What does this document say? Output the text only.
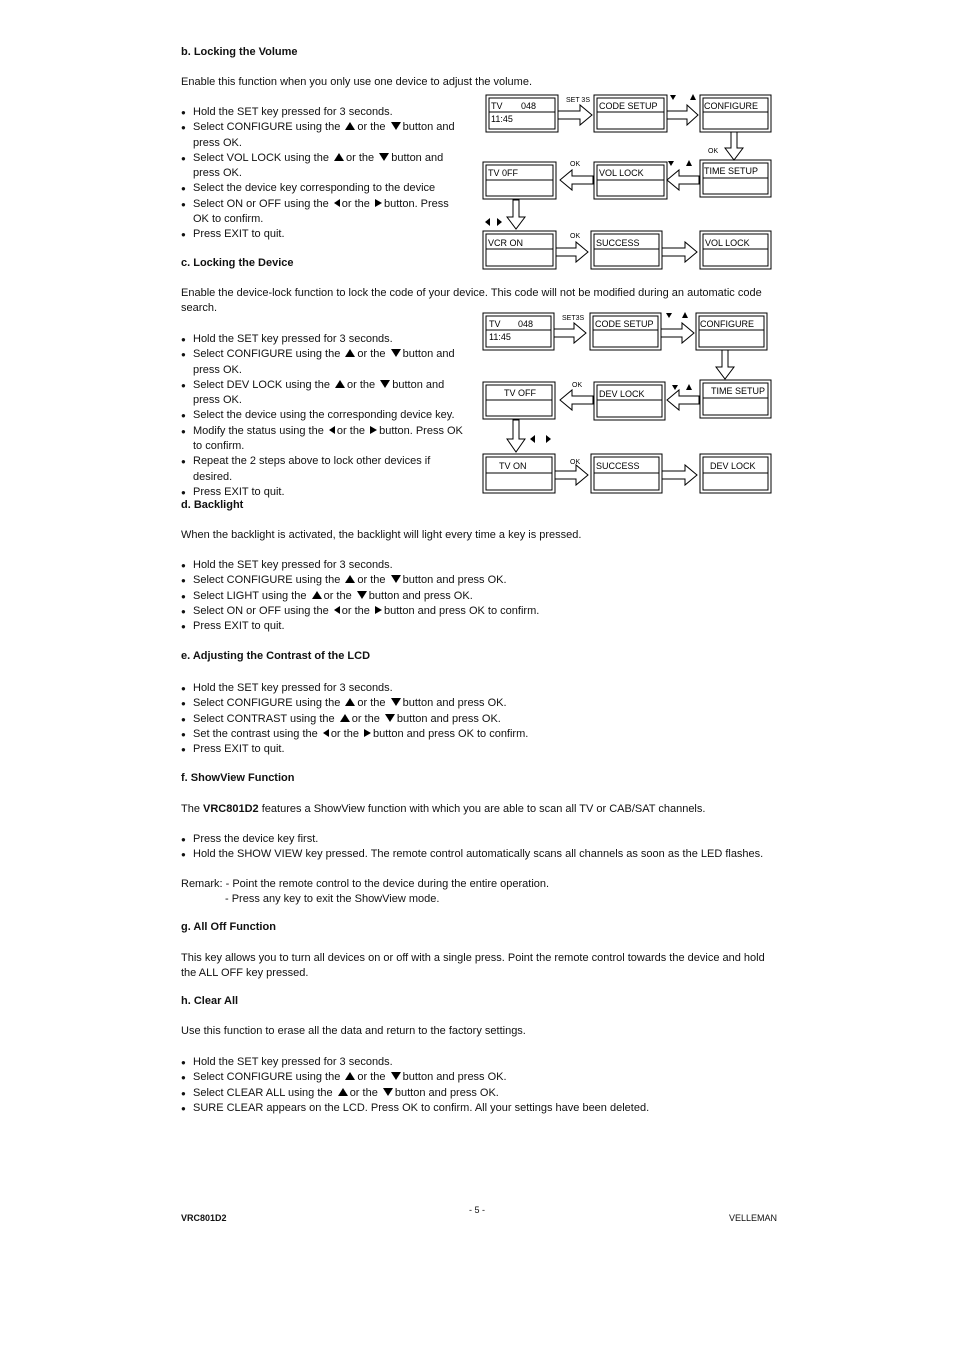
b. Locking the Volume
Enable this function when you only use one device to adjust the volume.
● Hold the SET key pressed for 3 seconds.
● Select CONFIGURE using the or the button and press OK.
● Select VOL LOCK using the or the button and press OK.
● Select the device key corresponding to the device
● Select ON or OFF using the or the button. Press OK to confirm.
● Press EXIT to quit.
TV 048
11:45
CODE SETUP	CONFIGURE
TIME SETUP
VOL LOCK
TV 0FF
VCR ON	SUCCESS	VOL LOCK
SET 3S
OK
OK
OK
c. Locking the Device
Enable the device-lock function to lock the code of your device. This code will not be modified during an automatic code search.
● Hold the SET key pressed for 3 seconds.
● Select CONFIGURE using the or the button and press OK.
● Select DEV LOCK using the or the button and press OK.
● Select the device using the corresponding device key.
● Modify the status using the or the button. Press OK to confirm.
● Repeat the 2 steps above to lock other devices if desired.
● Press EXIT to quit.
TV 048
11:45
CODE SETUP	CONFIGURE
TIME SETUP
DEV LOCK
TV OFF
TV ON	SUCCESS	DEV LOCK
SET3S
OK
OK
d. Backlight
When the backlight is activated, the backlight will light every time a key is pressed.
● Hold the SET key pressed for 3 seconds.
● Select CONFIGURE using the or the button and press OK.
● Select LIGHT using the or the button and press OK.
● Select ON or OFF using the or the button and press OK to confirm.
● Press EXIT to quit.
e. Adjusting the Contrast of the LCD
● Hold the SET key pressed for 3 seconds.
● Select CONFIGURE using the or the button and press OK.
● Select CONTRAST using the or the button and press OK.
● Set the contrast using the or the button and press OK to confirm.
● Press EXIT to quit.
f. ShowView Function
The VRC801D2 features a ShowView function with which you are able to scan all TV or CAB/SAT channels.
● Press the device key first.
● Hold the SHOW VIEW key pressed. The remote control automatically scans all channels as soon as the LED flashes.
Remark: - Point the remote control to the device during the entire operation.
- Press any key to exit the ShowView mode.
g. All Off Function
This key allows you to turn all devices on or off with a single press. Point the remote control towards the device and hold the ALL OFF key pressed.
h. Clear All
Use this function to erase all the data and return to the factory settings.
● Hold the SET key pressed for 3 seconds.
● Select CONFIGURE using the or the button and press OK.
● Select CLEAR ALL using the or the button and press OK.
● SURE CLEAR appears on the LCD. Press OK to confirm. All your settings have been deleted.
VRC801D2
- 5 -
VELLEMAN
